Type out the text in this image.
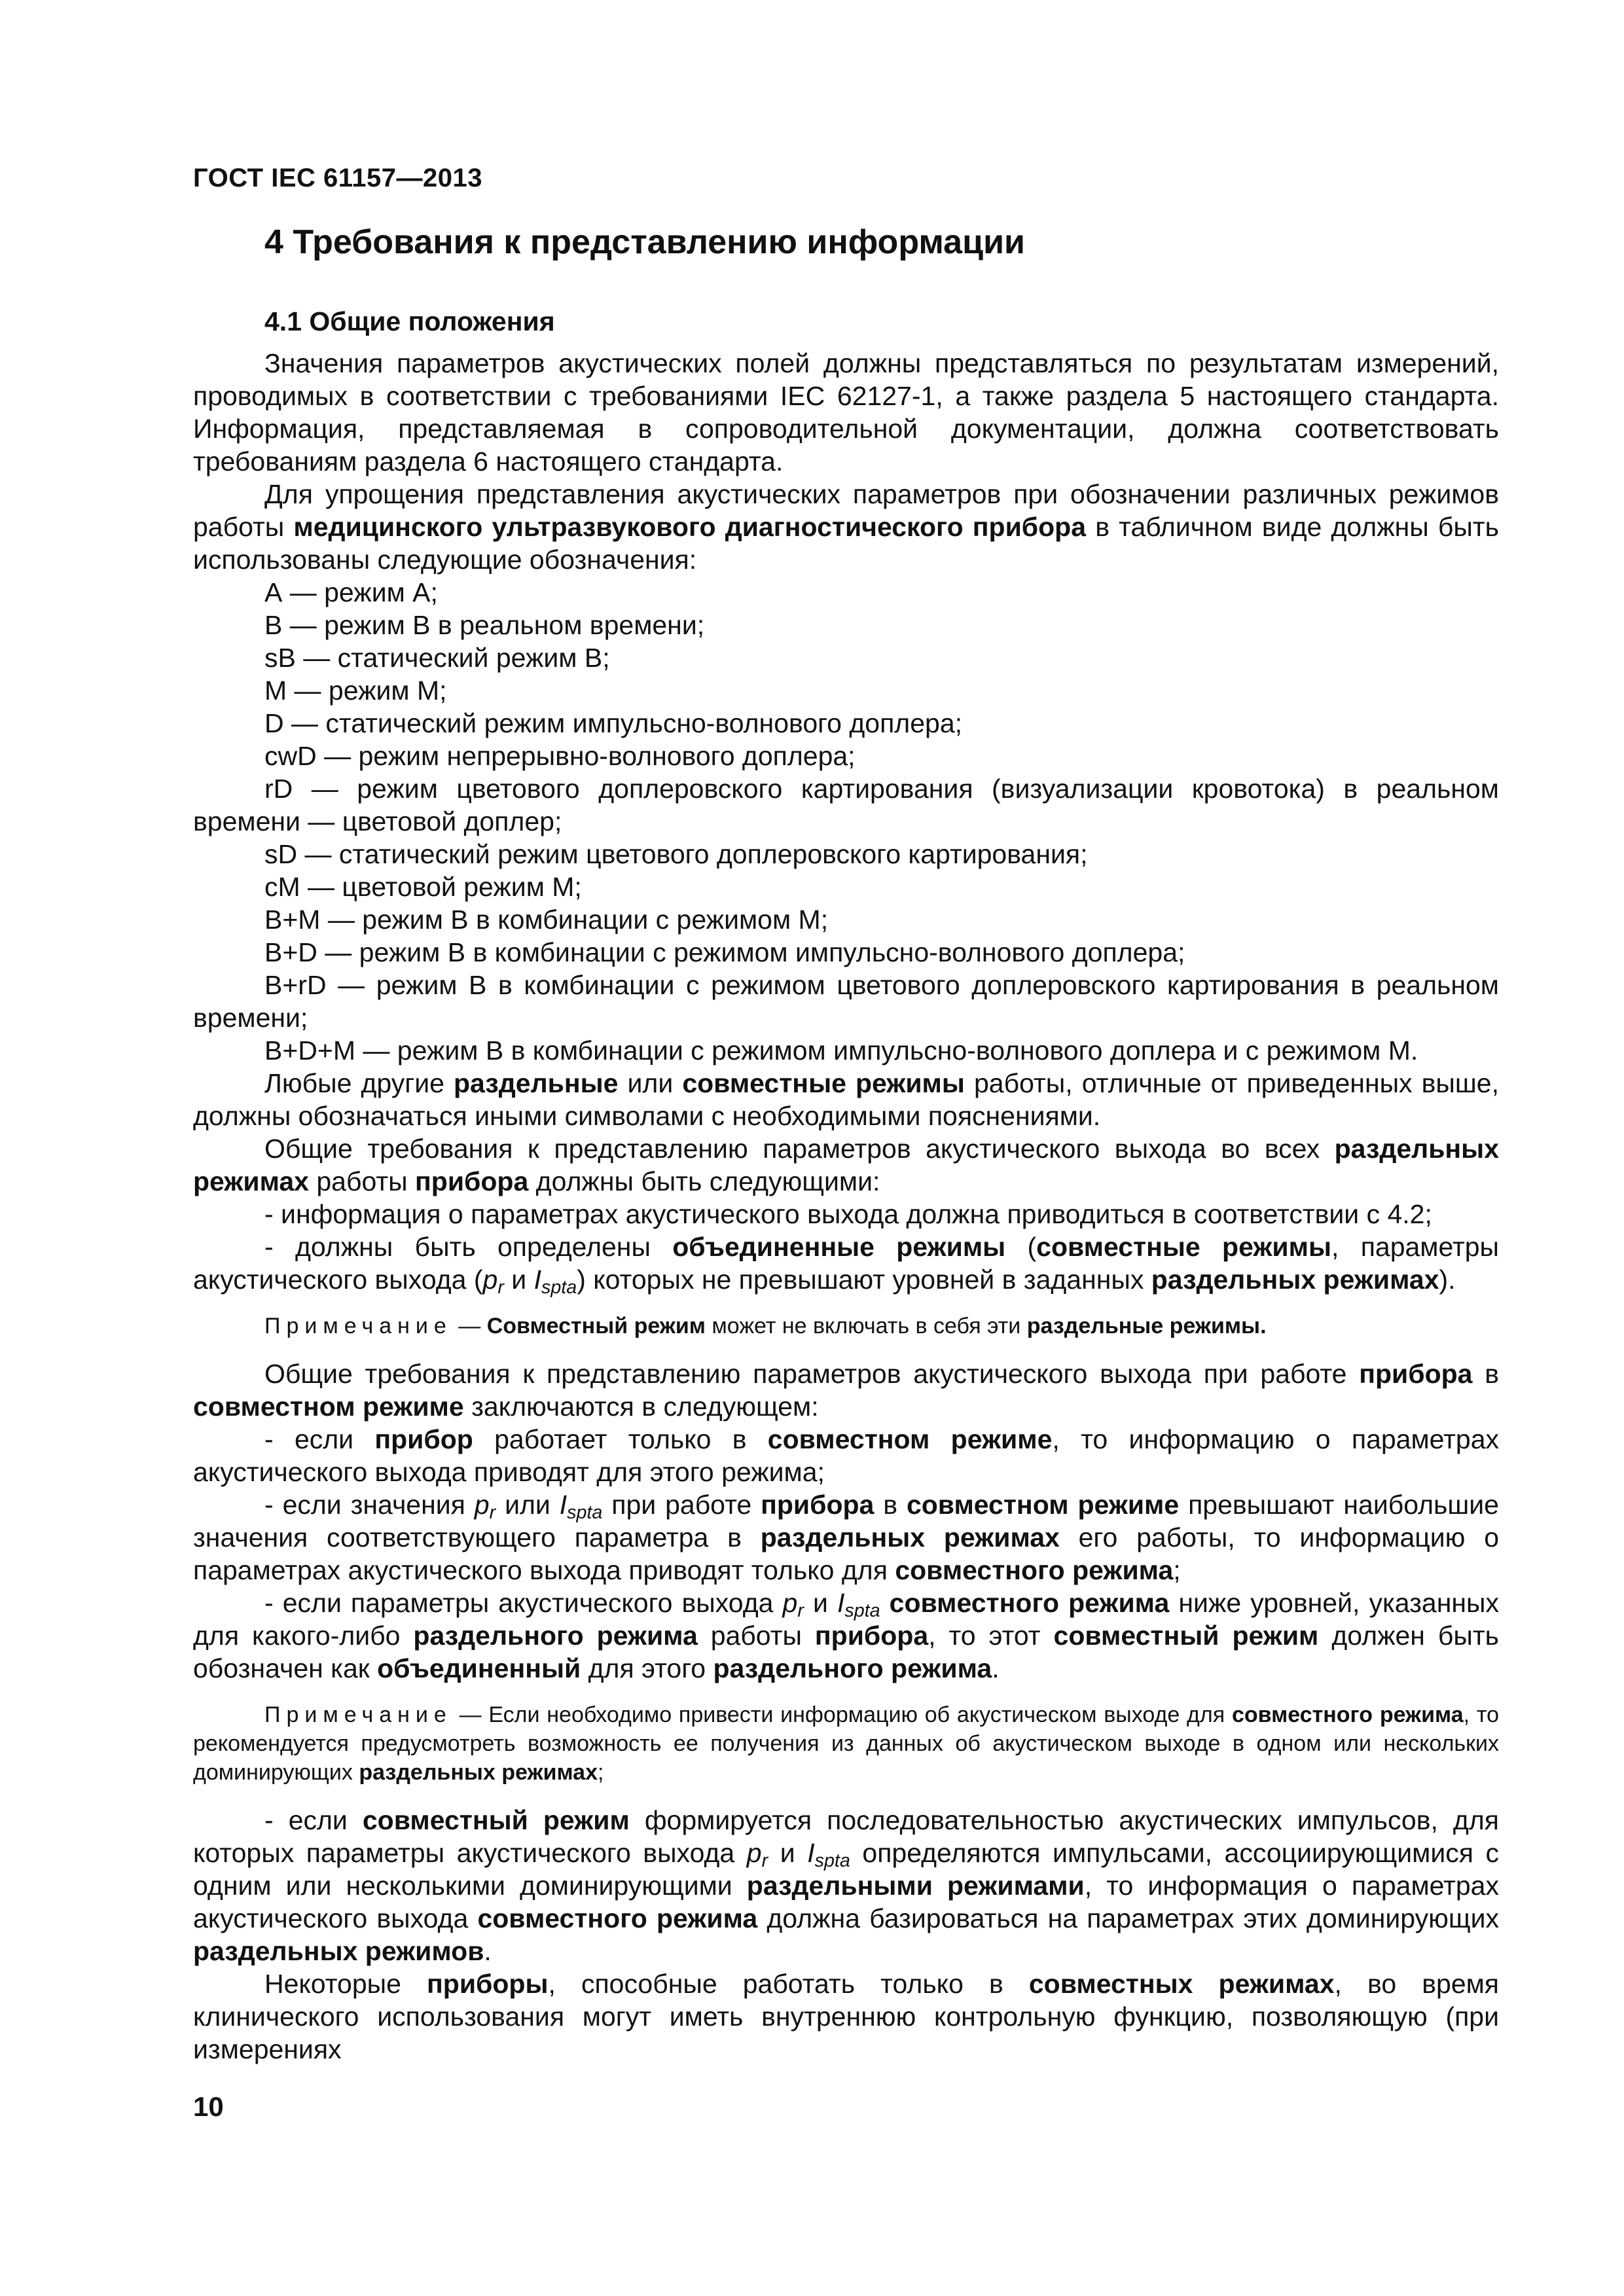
ГОСТ IEC 61157—2013
4 Требования к представлению информации
4.1 Общие положения

Значения параметров акустических полей должны представляться по результатам измерений, проводимых в соответствии с требованиями IEC 62127-1, а также раздела 5 настоящего стандарта. Информация, представляемая в сопроводительной документации, должна соответствовать требованиям раздела 6 настоящего стандарта.

Для упрощения представления акустических параметров при обозначении различных режимов работы медицинского ультразвукового диагностического прибора в табличном виде должны быть использованы следующие обозначения:

А — режим А;
В — режим В в реальном времени;
sB — статический режим В;
М — режим М;
D — статический режим импульсно-волнового доплера;
cwD — режим непрерывно-волнового доплера;
rD — режим цветового доплеровского картирования (визуализации кровотока) в реальном времени — цветовой доплер;
sD — статический режим цветового доплеровского картирования;
cM — цветовой режим М;
B+M — режим В в комбинации с режимом М;
B+D — режим В в комбинации с режимом импульсно-волнового доплера;
B+rD — режим В в комбинации с режимом цветового доплеровского картирования в реальном времени;
B+D+M — режим В в комбинации с режимом импульсно-волнового доплера и с режимом М.

Любые другие раздельные или совместные режимы работы, отличные от приведенных выше, должны обозначаться иными символами с необходимыми пояснениями.

Общие требования к представлению параметров акустического выхода во всех раздельных режимах работы прибора должны быть следующими:

- информация о параметрах акустического выхода должна приводиться в соответствии с 4.2;

- должны быть определены объединенные режимы (совместные режимы, параметры акустического выхода ($p_r$ и $I_{spta}$) которых не превышают уровней в заданных раздельных режимах).

Примечание — Совместный режим может не включать в себя эти раздельные режимы.

Общие требования к представлению параметров акустического выхода при работе прибора в совместном режиме заключаются в следующем:

- если прибор работает только в совместном режиме, то информацию о параметрах акустического выхода приводят для этого режима;

- если значения $p_r$ или $I_{spta}$ при работе прибора в совместном режиме превышают наибольшие значения соответствующего параметра в раздельных режимах его работы, то информацию о параметрах акустического выхода приводят только для совместного режима;

- если параметры акустического выхода $p_r$ и $I_{spta}$ совместного режима ниже уровней, указанных для какого-либо раздельного режима работы прибора, то этот совместный режим должен быть обозначен как объединенный для этого раздельного режима.

Примечание — Если необходимо привести информацию об акустическом выходе для совместного режима, то рекомендуется предусмотреть возможность ее получения из данных об акустическом выходе в одном или нескольких доминирующих раздельных режимах;

- если совместный режим формируется последовательностью акустических импульсов, для которых параметры акустического выхода $p_r$ и $I_{spta}$ определяются импульсами, ассоциирующимися с одним или несколькими доминирующими раздельными режимами, то информация о параметрах акустического выхода совместного режима должна базироваться на параметрах этих доминирующих раздельных режимов.

Некоторые приборы, способные работать только в совместных режимах, во время клинического использования могут иметь внутреннюю контрольную функцию, позволяющую (при измерениях

10
